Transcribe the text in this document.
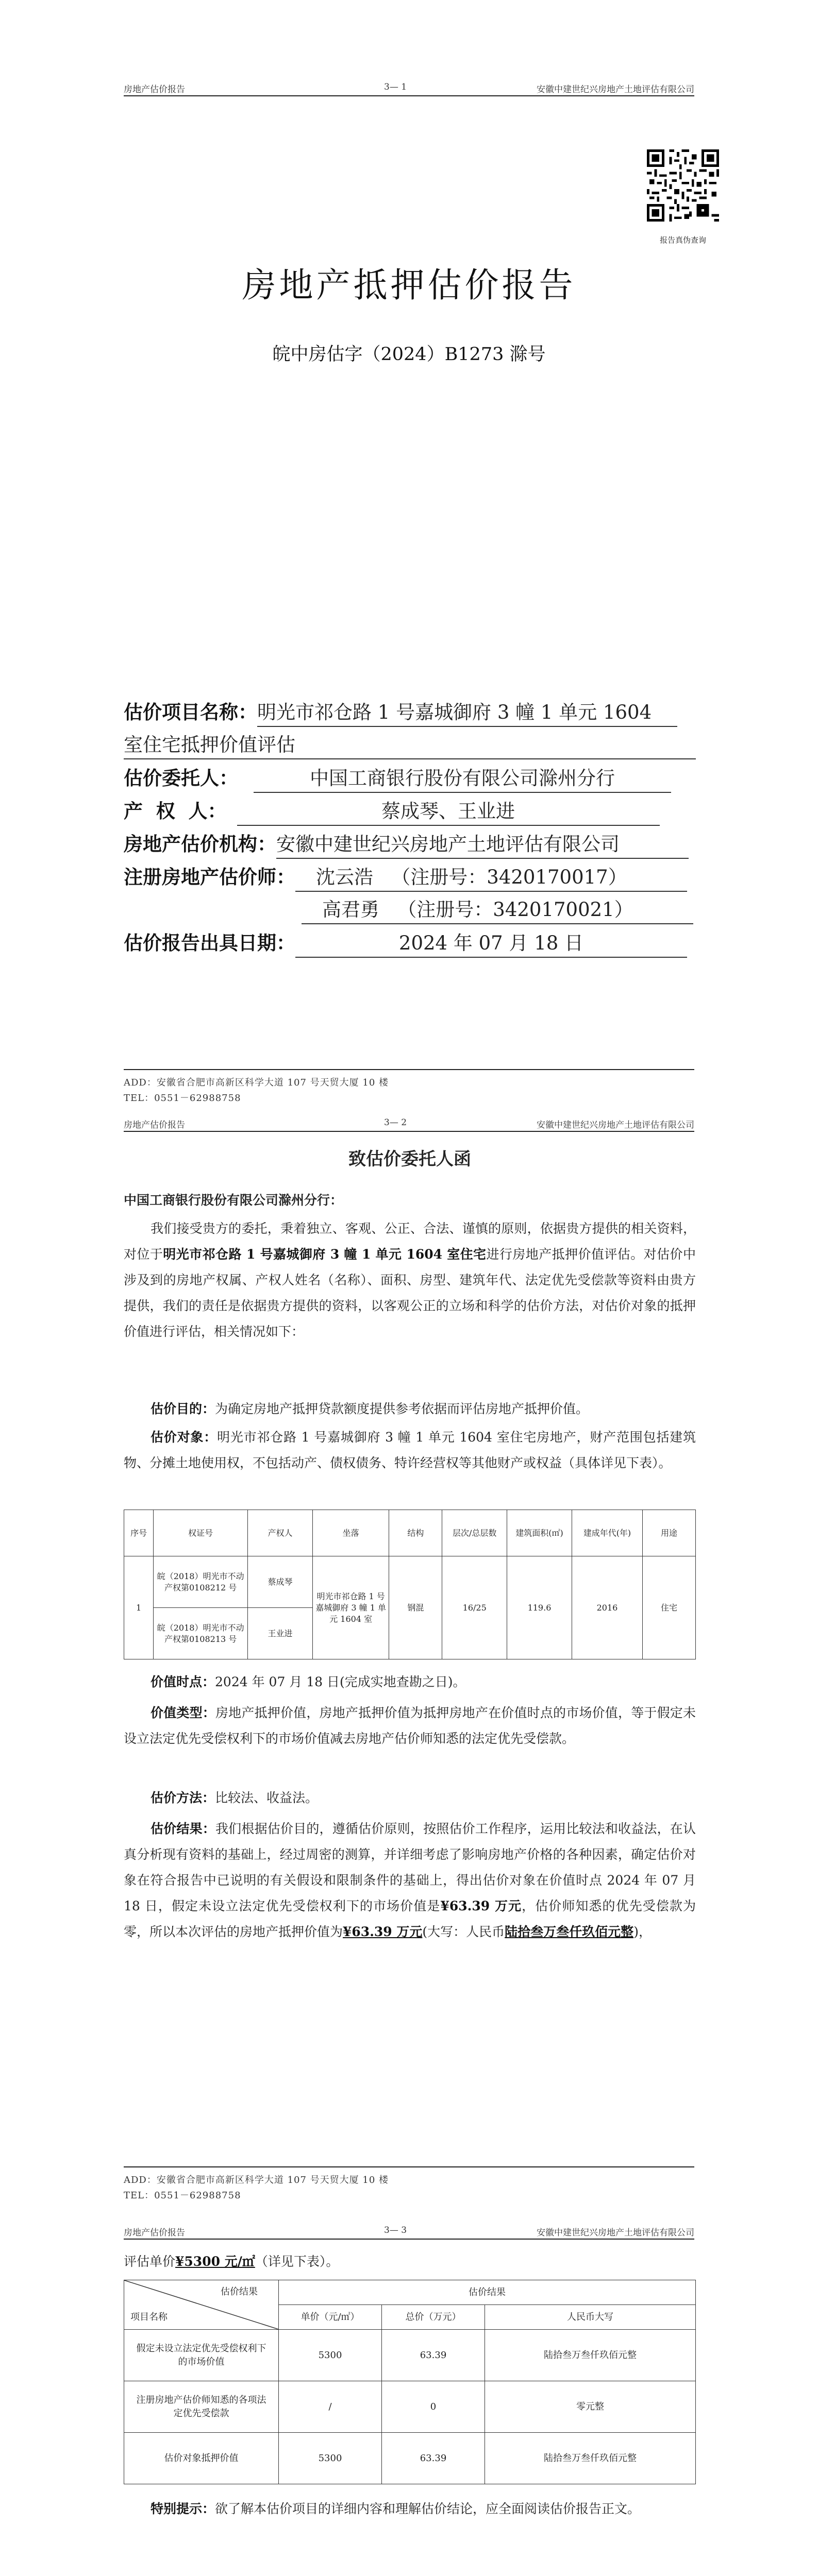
房地产估价报告	3— 1	安徽中建世纪兴房地产土地评估有限公司
报告真伪查询
房地产抵押估价报告
皖中房估字（2024）B1273 滁号
估价项目名称：明光市祁仓路 1 号嘉城御府 3 幢 1 单元 1604
室住宅抵押价值评估
估价委托人：	中国工商银行股份有限公司滁州分行
产  权  人：	蔡成琴、王业进
房地产估价机构：安徽中建世纪兴房地产土地评估有限公司
注册房地产估价师： 沈云浩   （注册号：3420170017）
高君勇   （注册号：3420170021）
估价报告出具日期：	2024 年 07 月 18 日
ADD：安徽省合肥市高新区科学大道 107 号天贸大厦 10 楼
TEL：0551－62988758
房地产估价报告	3— 2	安徽中建世纪兴房地产土地评估有限公司
致估价委托人函
中国工商银行股份有限公司滁州分行：
我们接受贵方的委托，秉着独立、客观、公正、合法、谨慎的原则，依据贵方提供的相关资料，对位于明光市祁仓路 1 号嘉城御府 3 幢 1 单元 1604 室住宅进行房地产抵押价值评估。对估价中涉及到的房地产权属、产权人姓名（名称）、面积、房型、建筑年代、法定优先受偿款等资料由贵方提供，我们的责任是依据贵方提供的资料，以客观公正的立场和科学的估价方法，对估价对象的抵押价值进行评估，相关情况如下：
估价目的：为确定房地产抵押贷款额度提供参考依据而评估房地产抵押价值。
估价对象：明光市祁仓路 1 号嘉城御府 3 幢 1 单元 1604 室住宅房地产，财产范围包括建筑物、分摊土地使用权，不包括动产、债权债务、特许经营权等其他财产或权益（具体详见下表）。
序号	权证号	产权人	坐落	结构	层次/总层数	建筑面积(㎡)	建成年代(年)	用途
1	皖（2018）明光市不动产权第0108212 号	蔡成琴	明光市祁仓路 1 号嘉城御府 3 幢 1 单元 1604 室	钢混	16/25	119.6	2016	住宅
	皖（2018）明光市不动产权第0108213 号	王业进						
价值时点：2024 年 07 月 18 日(完成实地查勘之日)。
价值类型：房地产抵押价值，房地产抵押价值为抵押房地产在价值时点的市场价值，等于假定未设立法定优先受偿权利下的市场价值减去房地产估价师知悉的法定优先受偿款。
估价方法：比较法、收益法。
估价结果：我们根据估价目的，遵循估价原则，按照估价工作程序，运用比较法和收益法，在认真分析现有资料的基础上，经过周密的测算，并详细考虑了影响房地产价格的各种因素，确定估价对象在符合报告中已说明的有关假设和限制条件的基础上，得出估价对象在价值时点 2024 年 07 月 18 日，假定未设立法定优先受偿权利下的市场价值是¥63.39 万元，估价师知悉的优先受偿款为零，所以本次评估的房地产抵押价值为¥63.39 万元(大写：人民币陆拾叁万叁仟玖佰元整)，
ADD：安徽省合肥市高新区科学大道 107 号天贸大厦 10 楼
TEL：0551－62988758
房地产估价报告	3— 3	安徽中建世纪兴房地产土地评估有限公司
评估单价¥5300 元/㎡（详见下表）。
估价结果
项目名称	估价结果		
	单价（元/㎡）	总价（万元）	人民币大写
假定未设立法定优先受偿权利下的市场价值	5300	63.39	陆拾叁万叁仟玖佰元整
注册房地产估价师知悉的各项法定优先受偿款	/	0	零元整
估价对象抵押价值	5300	63.39	陆拾叁万叁仟玖佰元整
特别提示：欲了解本估价项目的详细内容和理解估价结论，应全面阅读估价报告正文。
